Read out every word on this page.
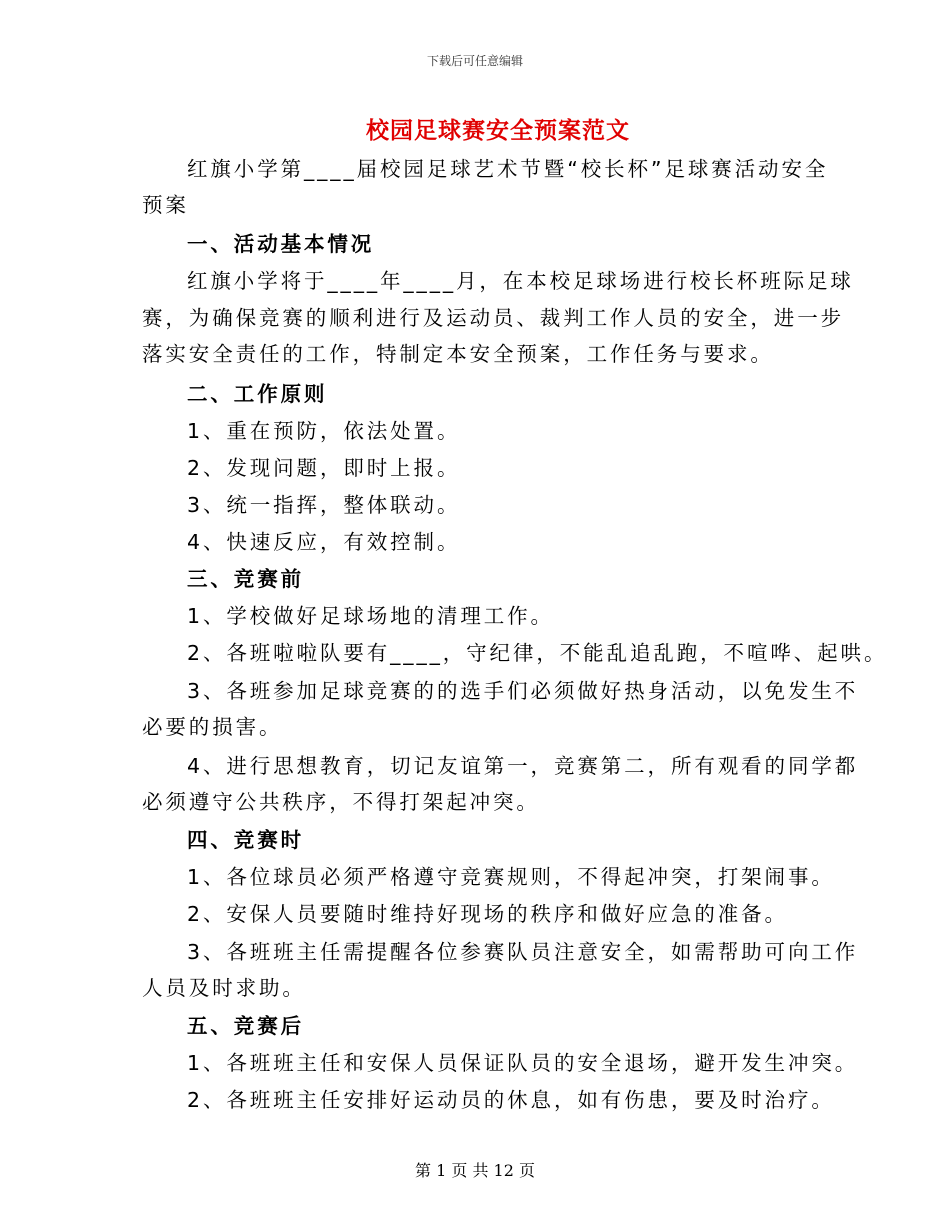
下载后可任意编辑
校园足球赛安全预案范文
红旗小学第____届校园足球艺术节暨“校长杯”足球赛活动安全
预案
一、活动基本情况
红旗小学将于____年____月，在本校足球场进行校长杯班际足球
赛，为确保竞赛的顺利进行及运动员、裁判工作人员的安全，进一步
落实安全责任的工作，特制定本安全预案，工作任务与要求。
二、工作原则
1、重在预防，依法处置。
2、发现问题，即时上报。
3、统一指挥，整体联动。
4、快速反应，有效控制。
三、竞赛前
1、学校做好足球场地的清理工作。
2、各班啦啦队要有____，守纪律，不能乱追乱跑，不喧哗、起哄。
3、各班参加足球竞赛的的选手们必须做好热身活动，以免发生不
必要的损害。
4、进行思想教育，切记友谊第一，竞赛第二，所有观看的同学都
必须遵守公共秩序，不得打架起冲突。
四、竞赛时
1、各位球员必须严格遵守竞赛规则，不得起冲突，打架闹事。
2、安保人员要随时维持好现场的秩序和做好应急的准备。
3、各班班主任需提醒各位参赛队员注意安全，如需帮助可向工作
人员及时求助。
五、竞赛后
1、各班班主任和安保人员保证队员的安全退场，避开发生冲突。
2、各班班主任安排好运动员的休息，如有伤患，要及时治疗。
第 1 页 共 12 页
